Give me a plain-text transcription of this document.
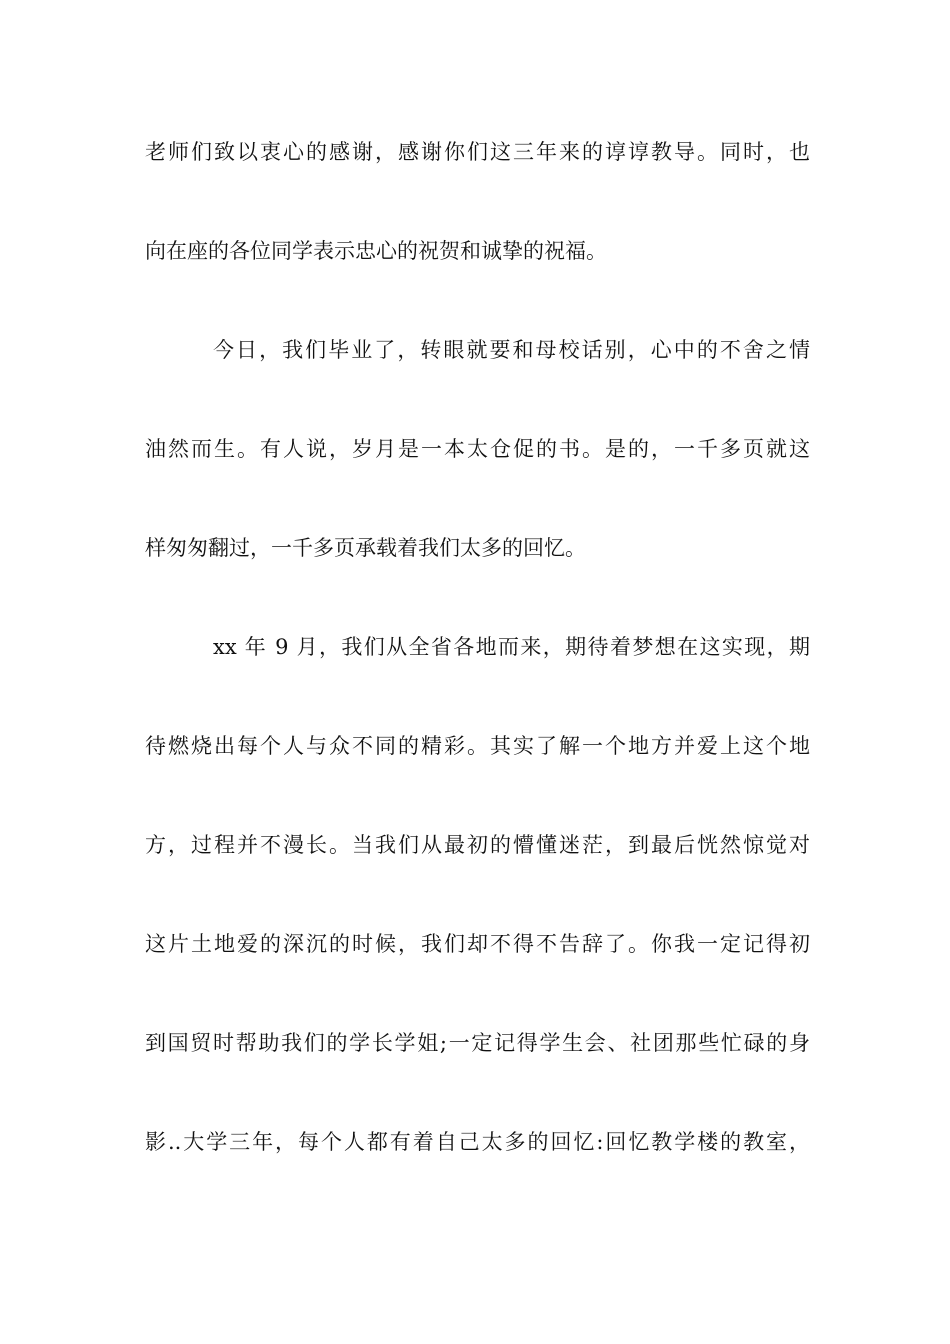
老师们致以衷心的感谢，感谢你们这三年来的谆谆教导。同时，也
向在座的各位同学表示忠心的祝贺和诚挚的祝福。
今日，我们毕业了，转眼就要和母校话别，心中的不舍之情
油然而生。有人说，岁月是一本太仓促的书。是的，一千多页就这
样匆匆翻过，一千多页承载着我们太多的回忆。
xx 年 9 月，我们从全省各地而来，期待着梦想在这实现，期
待燃烧出每个人与众不同的精彩。其实了解一个地方并爱上这个地
方，过程并不漫长。当我们从最初的懵懂迷茫，到最后恍然惊觉对
这片土地爱的深沉的时候，我们却不得不告辞了。你我一定记得初
到国贸时帮助我们的学长学姐;一定记得学生会、社团那些忙碌的身
影..大学三年，每个人都有着自己太多的回忆:回忆教学楼的教室，
